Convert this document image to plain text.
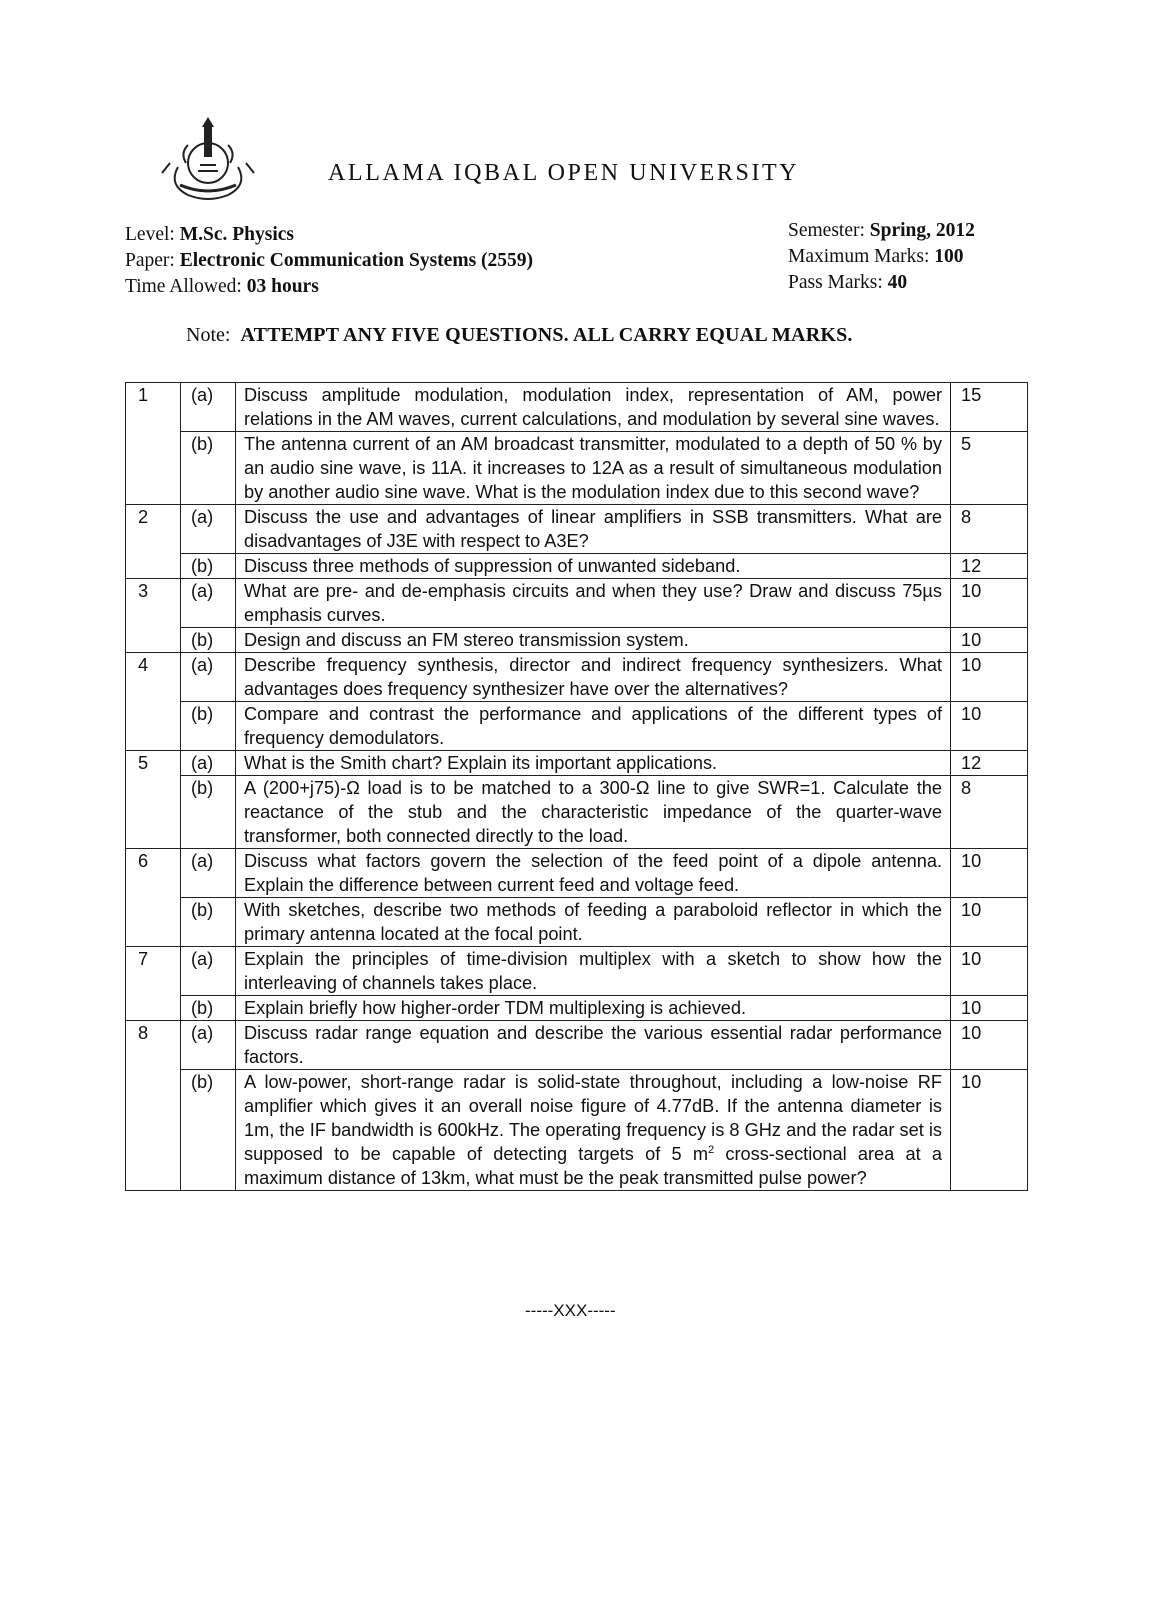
ALLAMA IQBAL OPEN UNIVERSITY
Level: M.Sc. Physics
Paper: Electronic Communication Systems (2559)
Time Allowed: 03 hours
Semester: Spring, 2012
Maximum Marks: 100
Pass Marks: 40
Note: ATTEMPT ANY FIVE QUESTIONS. ALL CARRY EQUAL MARKS.
1	(a)	Discuss amplitude modulation, modulation index, representation of AM, power relations in the AM waves, current calculations, and modulation by several sine waves.	15
	(b)	The antenna current of an AM broadcast transmitter, modulated to a depth of 50 % by an audio sine wave, is 11A. it increases to 12A as a result of simultaneous modulation by another audio sine wave. What is the modulation index due to this second wave?	5
2	(a)	Discuss the use and advantages of linear amplifiers in SSB transmitters. What are disadvantages of J3E with respect to A3E?	8
	(b)	Discuss three methods of suppression of unwanted sideband.	12
3	(a)	What are pre- and de-emphasis circuits and when they use? Draw and discuss 75µs emphasis curves.	10
	(b)	Design and discuss an FM stereo transmission system.	10
4	(a)	Describe frequency synthesis, director and indirect frequency synthesizers. What advantages does frequency synthesizer have over the alternatives?	10
	(b)	Compare and contrast the performance and applications of the different types of frequency demodulators.	10
5	(a)	What is the Smith chart? Explain its important applications.	12
	(b)	A (200+j75)-Ω load is to be matched to a 300-Ω line to give SWR=1. Calculate the reactance of the stub and the characteristic impedance of the quarter-wave transformer, both connected directly to the load.	8
6	(a)	Discuss what factors govern the selection of the feed point of a dipole antenna. Explain the difference between current feed and voltage feed.	10
	(b)	With sketches, describe two methods of feeding a paraboloid reflector in which the primary antenna located at the focal point.	10
7	(a)	Explain the principles of time-division multiplex with a sketch to show how the interleaving of channels takes place.	10
	(b)	Explain briefly how higher-order TDM multiplexing is achieved.	10
8	(a)	Discuss radar range equation and describe the various essential radar performance factors.	10
	(b)	A low-power, short-range radar is solid-state throughout, including a low-noise RF amplifier which gives it an overall noise figure of 4.77dB. If the antenna diameter is 1m, the IF bandwidth is 600kHz. The operating frequency is 8 GHz and the radar set is supposed to be capable of detecting targets of 5 $m^2$ cross-sectional area at a maximum distance of 13km, what must be the peak transmitted pulse power?	10
-----XXX-----
